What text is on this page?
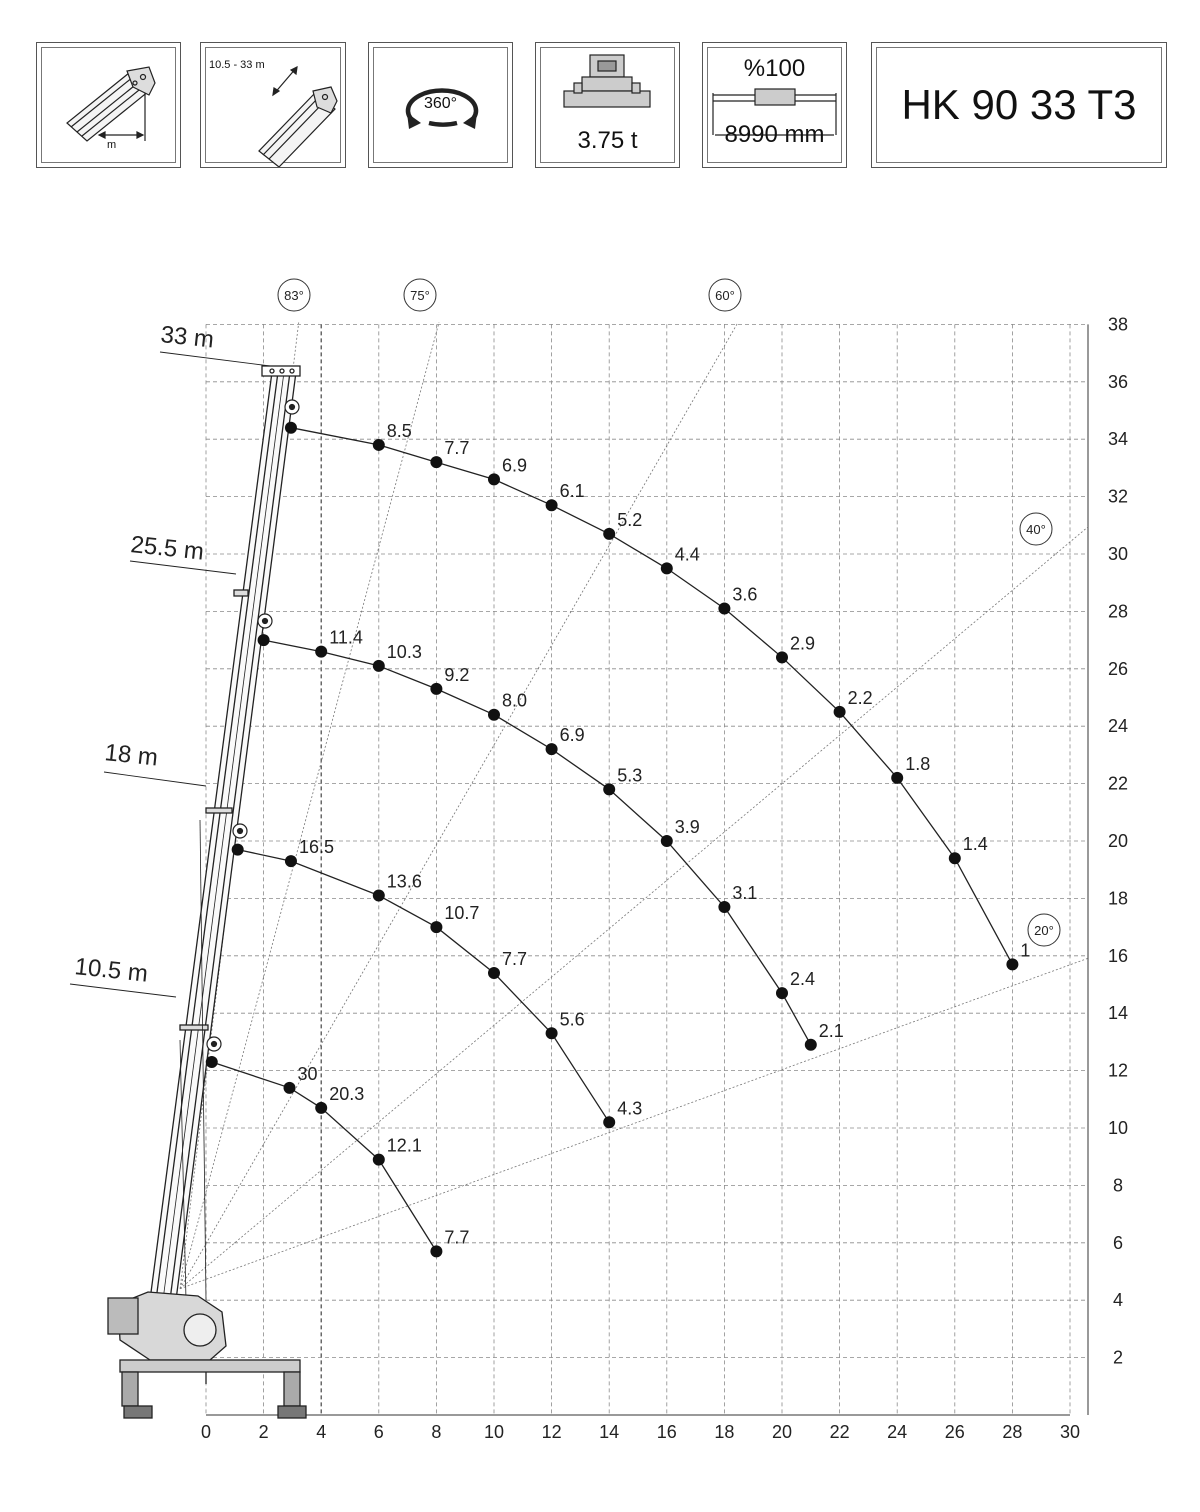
m
10.5 - 33 m
360°
3.75 t
%100
8990 mm
HK 90 33 T3
83°	75°	60°
40°
20°
8.5
7.7
6.9
6.1
5.2
4.4
3.6
2.9
2.2
1.8
1.4
1
11.4
10.3
9.2
8.0
6.9
5.3
3.9
3.1
2.4
2.1
16.5
13.6
10.7
7.7
5.6
4.3
30
20.3
12.1
7.7
0	2	4	6	8 10 12 14 16 18 20 22 24 26 28 30
2
4
6
8
10
12
14
16
18
20
22
24
26
28
30
32
34
36
38
33 m
25.5 m
18 m
10.5 m
